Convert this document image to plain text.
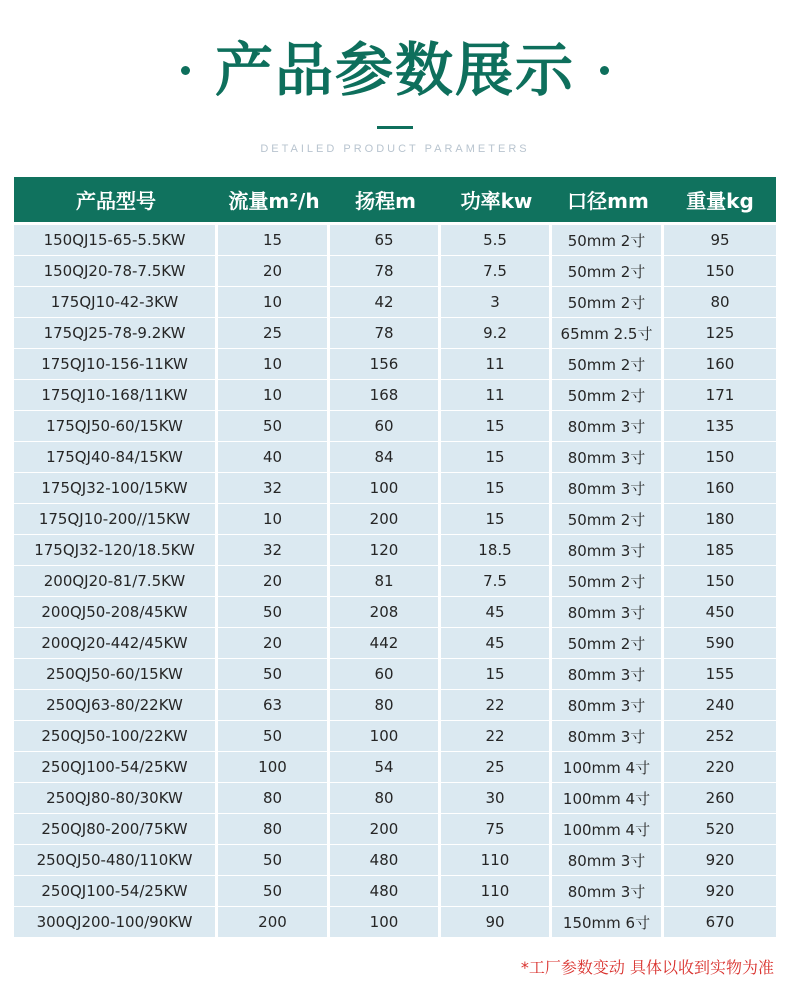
产品参数展示
DETAILED PRODUCT PARAMETERS
产品型号	流量m²/h	扬程m	功率kw	口径mm	重量kg
150QJ15-65-5.5KW	15	65	5.5	50mm 2寸	95
150QJ20-78-7.5KW	20	78	7.5	50mm 2寸	150
175QJ10-42-3KW	10	42	3	50mm 2寸	80
175QJ25-78-9.2KW	25	78	9.2	65mm 2.5寸	125
175QJ10-156-11KW	10	156	11	50mm 2寸	160
175QJ10-168/11KW	10	168	11	50mm 2寸	171
175QJ50-60/15KW	50	60	15	80mm 3寸	135
175QJ40-84/15KW	40	84	15	80mm 3寸	150
175QJ32-100/15KW	32	100	15	80mm 3寸	160
175QJ10-200//15KW	10	200	15	50mm 2寸	180
175QJ32-120/18.5KW	32	120	18.5	80mm 3寸	185
200QJ20-81/7.5KW	20	81	7.5	50mm 2寸	150
200QJ50-208/45KW	50	208	45	80mm 3寸	450
200QJ20-442/45KW	20	442	45	50mm 2寸	590
250QJ50-60/15KW	50	60	15	80mm 3寸	155
250QJ63-80/22KW	63	80	22	80mm 3寸	240
250QJ50-100/22KW	50	100	22	80mm 3寸	252
250QJ100-54/25KW	100	54	25	100mm 4寸	220
250QJ80-80/30KW	80	80	30	100mm 4寸	260
250QJ80-200/75KW	80	200	75	100mm 4寸	520
250QJ50-480/110KW	50	480	110	80mm 3寸	920
250QJ100-54/25KW	50	480	110	80mm 3寸	920
300QJ200-100/90KW	200	100	90	150mm 6寸	670
*工厂参数变动 具体以收到实物为准
